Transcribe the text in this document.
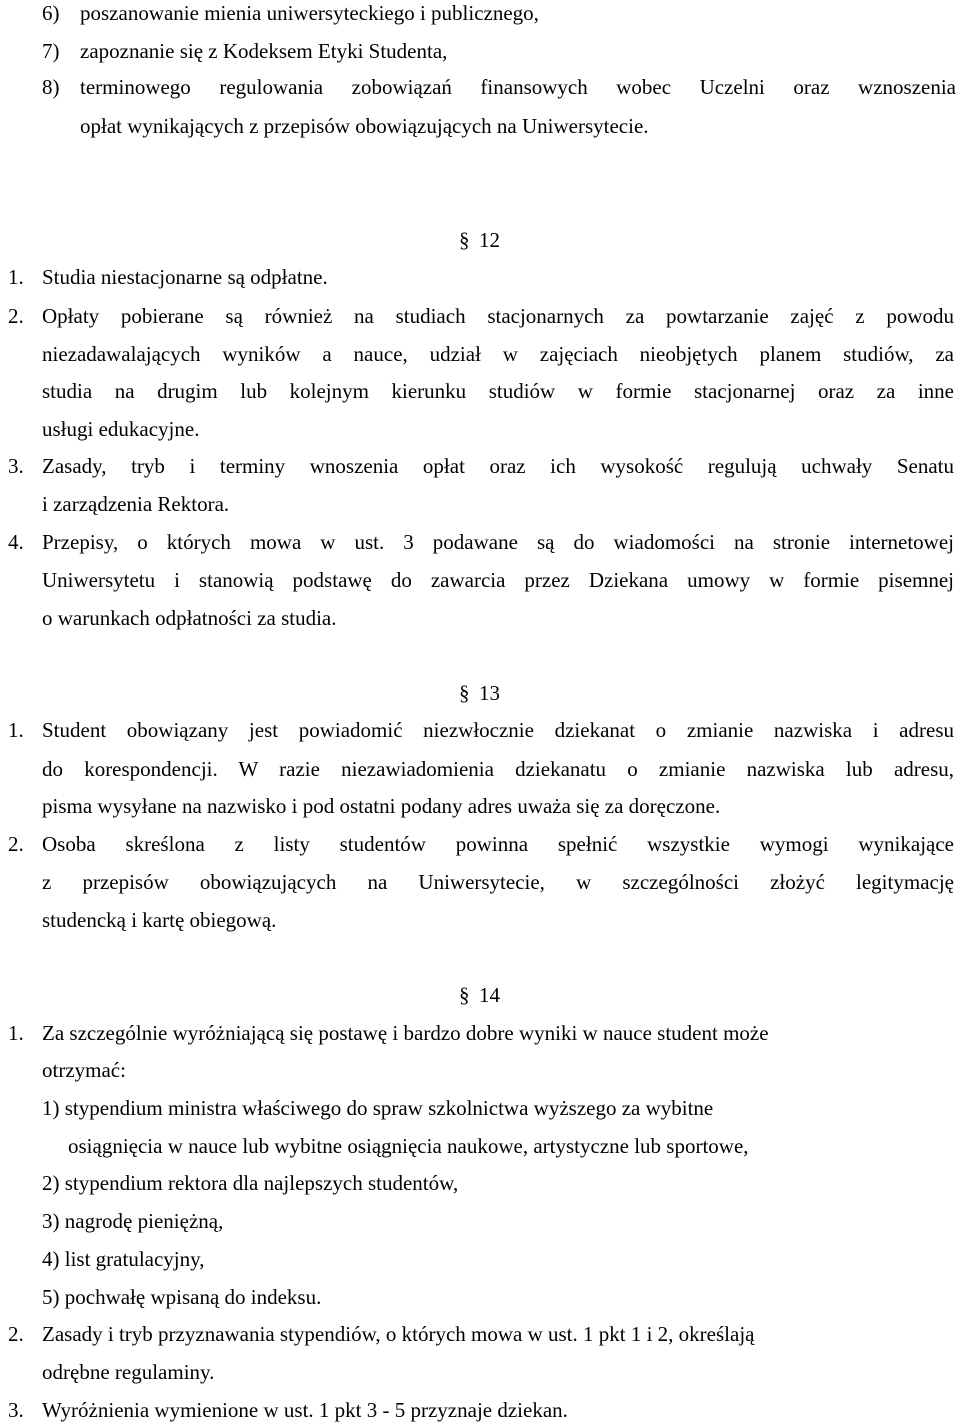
6) poszanowanie mienia uniwersyteckiego i publicznego,
7) zapoznanie się z Kodeksem Etyki Studenta,
8) terminowego regulowania zobowiązań finansowych wobec Uczelni oraz wznoszenia
opłat wynikających z przepisów obowiązujących na Uniwersytecie.
§ 12
1. Studia niestacjonarne są odpłatne.
2. Opłaty pobierane są również na studiach stacjonarnych za powtarzanie zajęć z powodu
niezadawalających wyników a nauce, udział w zajęciach nieobjętych planem studiów, za
studia na drugim lub kolejnym kierunku studiów w formie stacjonarnej oraz za inne
usługi edukacyjne.
3. Zasady, tryb i terminy wnoszenia opłat oraz ich wysokość regulują uchwały Senatu
i zarządzenia Rektora.
4. Przepisy, o których mowa w ust. 3 podawane są do wiadomości na stronie internetowej
Uniwersytetu i stanowią podstawę do zawarcia przez Dziekana umowy w formie pisemnej
o warunkach odpłatności za studia.
§ 13
1. Student obowiązany jest powiadomić niezwłocznie dziekanat o zmianie nazwiska i adresu
do korespondencji. W razie niezawiadomienia dziekanatu o zmianie nazwiska lub adresu,
pisma wysyłane na nazwisko i pod ostatni podany adres uważa się za doręczone.
2. Osoba skreślona z listy studentów powinna spełnić wszystkie wymogi wynikające
z przepisów obowiązujących na Uniwersytecie, w szczególności złożyć legitymację
studencką i kartę obiegową.
§ 14
1. Za szczególnie wyróżniającą się postawę i bardzo dobre wyniki w nauce student może
otrzymać:
1) stypendium ministra właściwego do spraw szkolnictwa wyższego za wybitne
osiągnięcia w nauce lub wybitne osiągnięcia naukowe, artystyczne lub sportowe,
2) stypendium rektora dla najlepszych studentów,
3) nagrodę pieniężną,
4) list gratulacyjny,
5) pochwałę wpisaną do indeksu.
2. Zasady i tryb przyznawania stypendiów, o których mowa w ust. 1 pkt 1 i 2, określają
odrębne regulaminy.
3. Wyróżnienia wymienione w ust. 1 pkt 3 - 5 przyznaje dziekan.
